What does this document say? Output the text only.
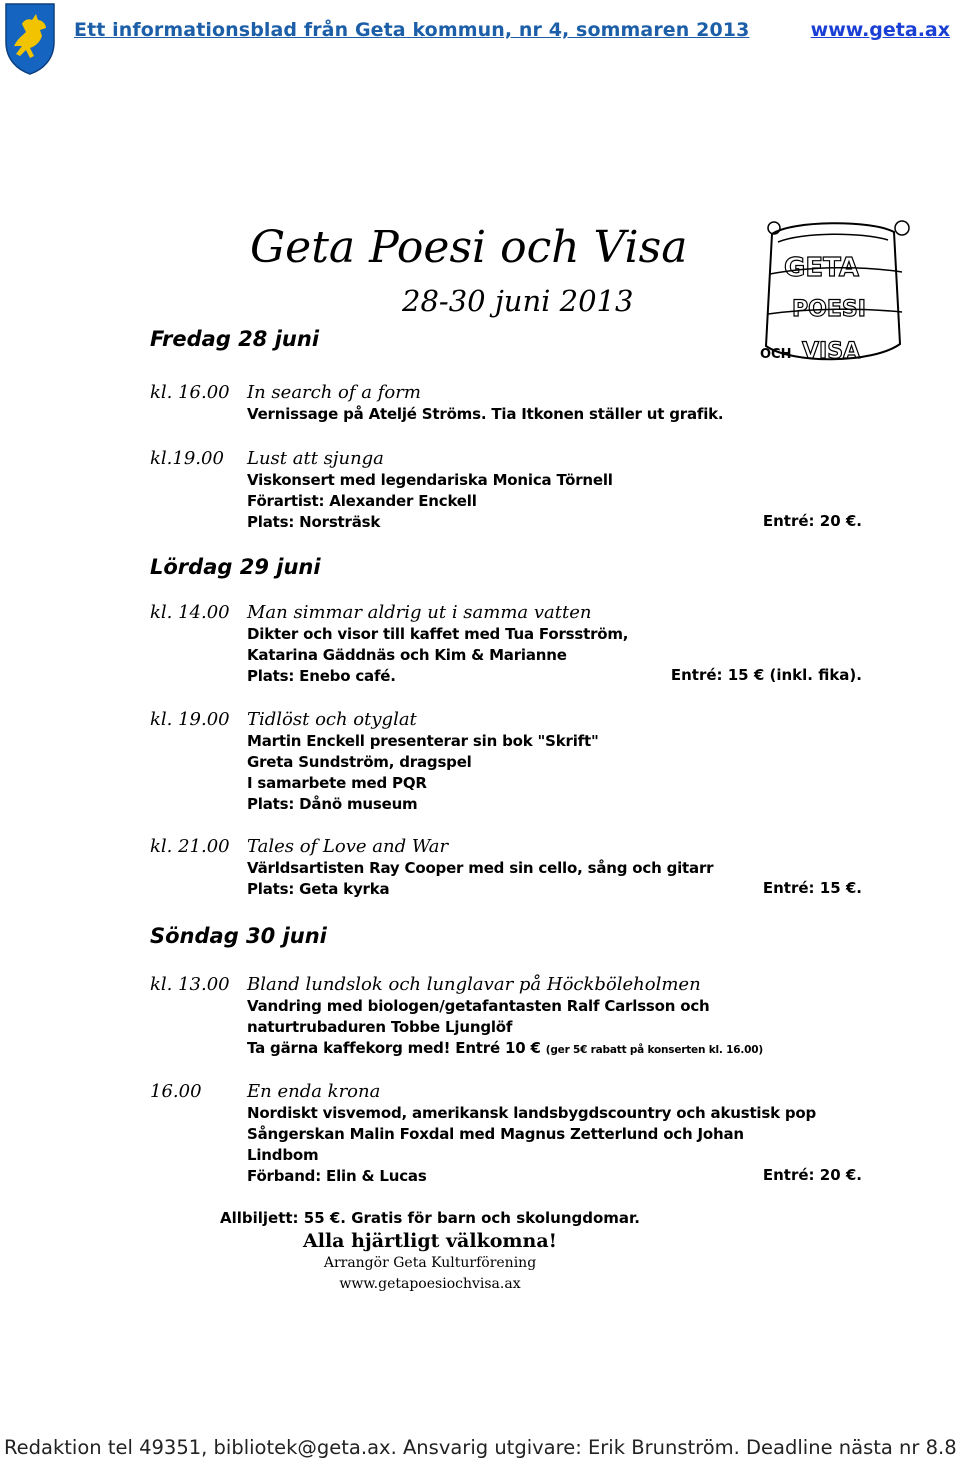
Ett informationsblad från Geta kommun, nr 4, sommaren 2013	www.geta.ax
Geta Poesi och Visa
28-30 juni 2013
GETA
POESI
OCH VISA
Fredag 28 juni
kl. 16.00 In search of a form
Vernissage på Ateljé Ströms. Tia Itkonen ställer ut grafik.
kl.19.00 Lust att sjunga
Viskonsert med legendariska Monica Törnell
Förartist: Alexander Enckell
Plats: Norsträsk	Entré: 20 €.
Lördag 29 juni
kl. 14.00 Man simmar aldrig ut i samma vatten
Dikter och visor till kaffet med Tua Forsström,
Katarina Gäddnäs och Kim & Marianne
Plats: Enebo café.	Entré: 15 € (inkl. fika).
kl. 19.00 Tidlöst och otyglat
Martin Enckell presenterar sin bok "Skrift"
Greta Sundström, dragspel
I samarbete med PQR
Plats: Dånö museum
kl. 21.00 Tales of Love and War
Världsartisten Ray Cooper med sin cello, sång och gitarr
Plats: Geta kyrka	Entré: 15 €.
Söndag 30 juni
kl. 13.00 Bland lundslok och lunglavar på Höckböleholmen
Vandring med biologen/getafantasten Ralf Carlsson och
naturtrubaduren Tobbe Ljunglöf
Ta gärna kaffekorg med! Entré 10 € (ger 5€ rabatt på konserten kl. 16.00)
16.00	En enda krona
Nordiskt visvemod, amerikansk landsbygdscountry och akustisk pop
Sångerskan Malin Foxdal med Magnus Zetterlund och Johan
Lindbom
Förband: Elin & Lucas	Entré: 20 €.
Allbiljett: 55 €. Gratis för barn och skolungdomar.
Alla hjärtligt välkomna!
Arrangör Geta Kulturförening
www.getapoesiochvisa.ax
Redaktion tel 49351, bibliotek@geta.ax. Ansvarig utgivare: Erik Brunström. Deadline nästa nr 8.8
